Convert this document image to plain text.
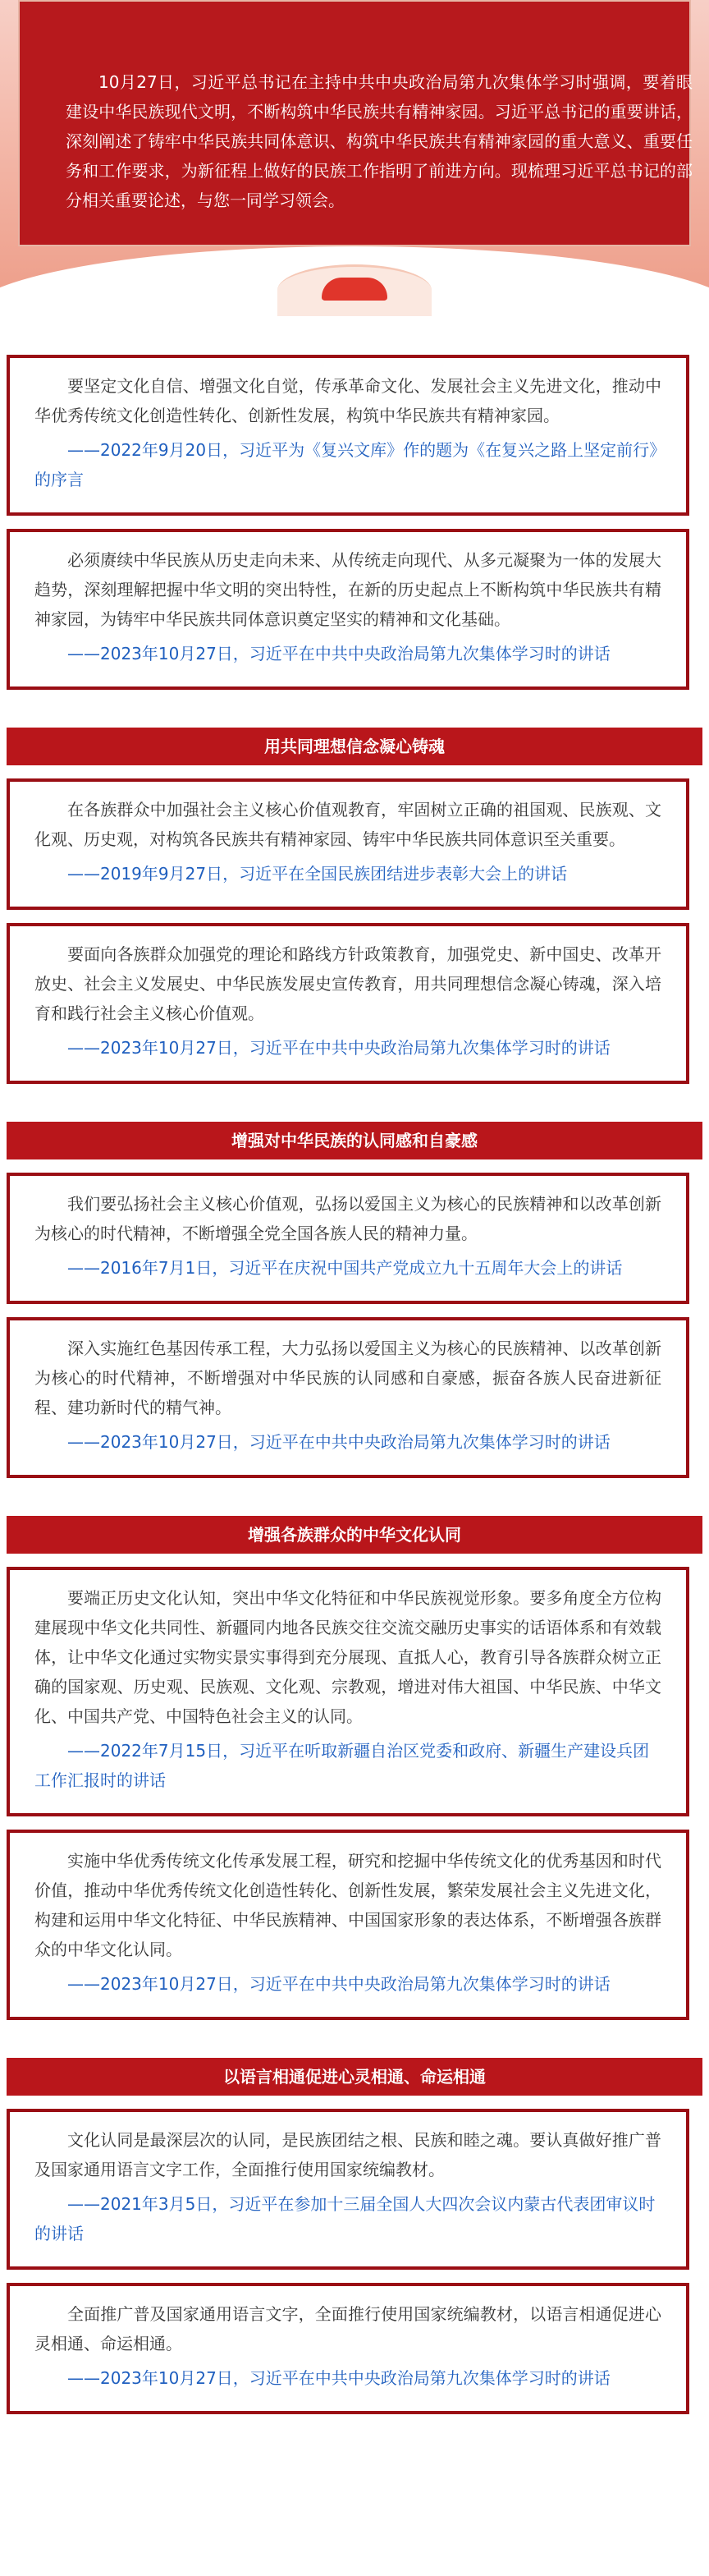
10月27日，习近平总书记在主持中共中央政治局第九次集体学习时强调，要着眼建设中华民族现代文明，不断构筑中华民族共有精神家园。习近平总书记的重要讲话，深刻阐述了铸牢中华民族共同体意识、构筑中华民族共有精神家园的重大意义、重要任务和工作要求，为新征程上做好的民族工作指明了前进方向。现梳理习近平总书记的部分相关重要论述，与您一同学习领会。
要坚定文化自信、增强文化自觉，传承革命文化、发展社会主义先进文化，推动中华优秀传统文化创造性转化、创新性发展，构筑中华民族共有精神家园。
——2022年9月20日，习近平为《复兴文库》作的题为《在复兴之路上坚定前行》的序言
必须赓续中华民族从历史走向未来、从传统走向现代、从多元凝聚为一体的发展大趋势，深刻理解把握中华文明的突出特性，在新的历史起点上不断构筑中华民族共有精神家园，为铸牢中华民族共同体意识奠定坚实的精神和文化基础。
——2023年10月27日，习近平在中共中央政治局第九次集体学习时的讲话
用共同理想信念凝心铸魂
在各族群众中加强社会主义核心价值观教育，牢固树立正确的祖国观、民族观、文化观、历史观，对构筑各民族共有精神家园、铸牢中华民族共同体意识至关重要。
——2019年9月27日，习近平在全国民族团结进步表彰大会上的讲话
要面向各族群众加强党的理论和路线方针政策教育，加强党史、新中国史、改革开放史、社会主义发展史、中华民族发展史宣传教育，用共同理想信念凝心铸魂，深入培育和践行社会主义核心价值观。
——2023年10月27日，习近平在中共中央政治局第九次集体学习时的讲话
增强对中华民族的认同感和自豪感
我们要弘扬社会主义核心价值观，弘扬以爱国主义为核心的民族精神和以改革创新为核心的时代精神，不断增强全党全国各族人民的精神力量。
——2016年7月1日，习近平在庆祝中国共产党成立九十五周年大会上的讲话
深入实施红色基因传承工程，大力弘扬以爱国主义为核心的民族精神、以改革创新为核心的时代精神，不断增强对中华民族的认同感和自豪感，振奋各族人民奋进新征程、建功新时代的精气神。
——2023年10月27日，习近平在中共中央政治局第九次集体学习时的讲话
增强各族群众的中华文化认同
要端正历史文化认知，突出中华文化特征和中华民族视觉形象。要多角度全方位构建展现中华文化共同性、新疆同内地各民族交往交流交融历史事实的话语体系和有效载体，让中华文化通过实物实景实事得到充分展现、直抵人心，教育引导各族群众树立正确的国家观、历史观、民族观、文化观、宗教观，增进对伟大祖国、中华民族、中华文化、中国共产党、中国特色社会主义的认同。
——2022年7月15日，习近平在听取新疆自治区党委和政府、新疆生产建设兵团工作汇报时的讲话
实施中华优秀传统文化传承发展工程，研究和挖掘中华传统文化的优秀基因和时代价值，推动中华优秀传统文化创造性转化、创新性发展，繁荣发展社会主义先进文化，构建和运用中华文化特征、中华民族精神、中国国家形象的表达体系，不断增强各族群众的中华文化认同。
——2023年10月27日，习近平在中共中央政治局第九次集体学习时的讲话
以语言相通促进心灵相通、命运相通
文化认同是最深层次的认同，是民族团结之根、民族和睦之魂。要认真做好推广普及国家通用语言文字工作，全面推行使用国家统编教材。
——2021年3月5日，习近平在参加十三届全国人大四次会议内蒙古代表团审议时的讲话
全面推广普及国家通用语言文字，全面推行使用国家统编教材，以语言相通促进心灵相通、命运相通。
——2023年10月27日，习近平在中共中央政治局第九次集体学习时的讲话
